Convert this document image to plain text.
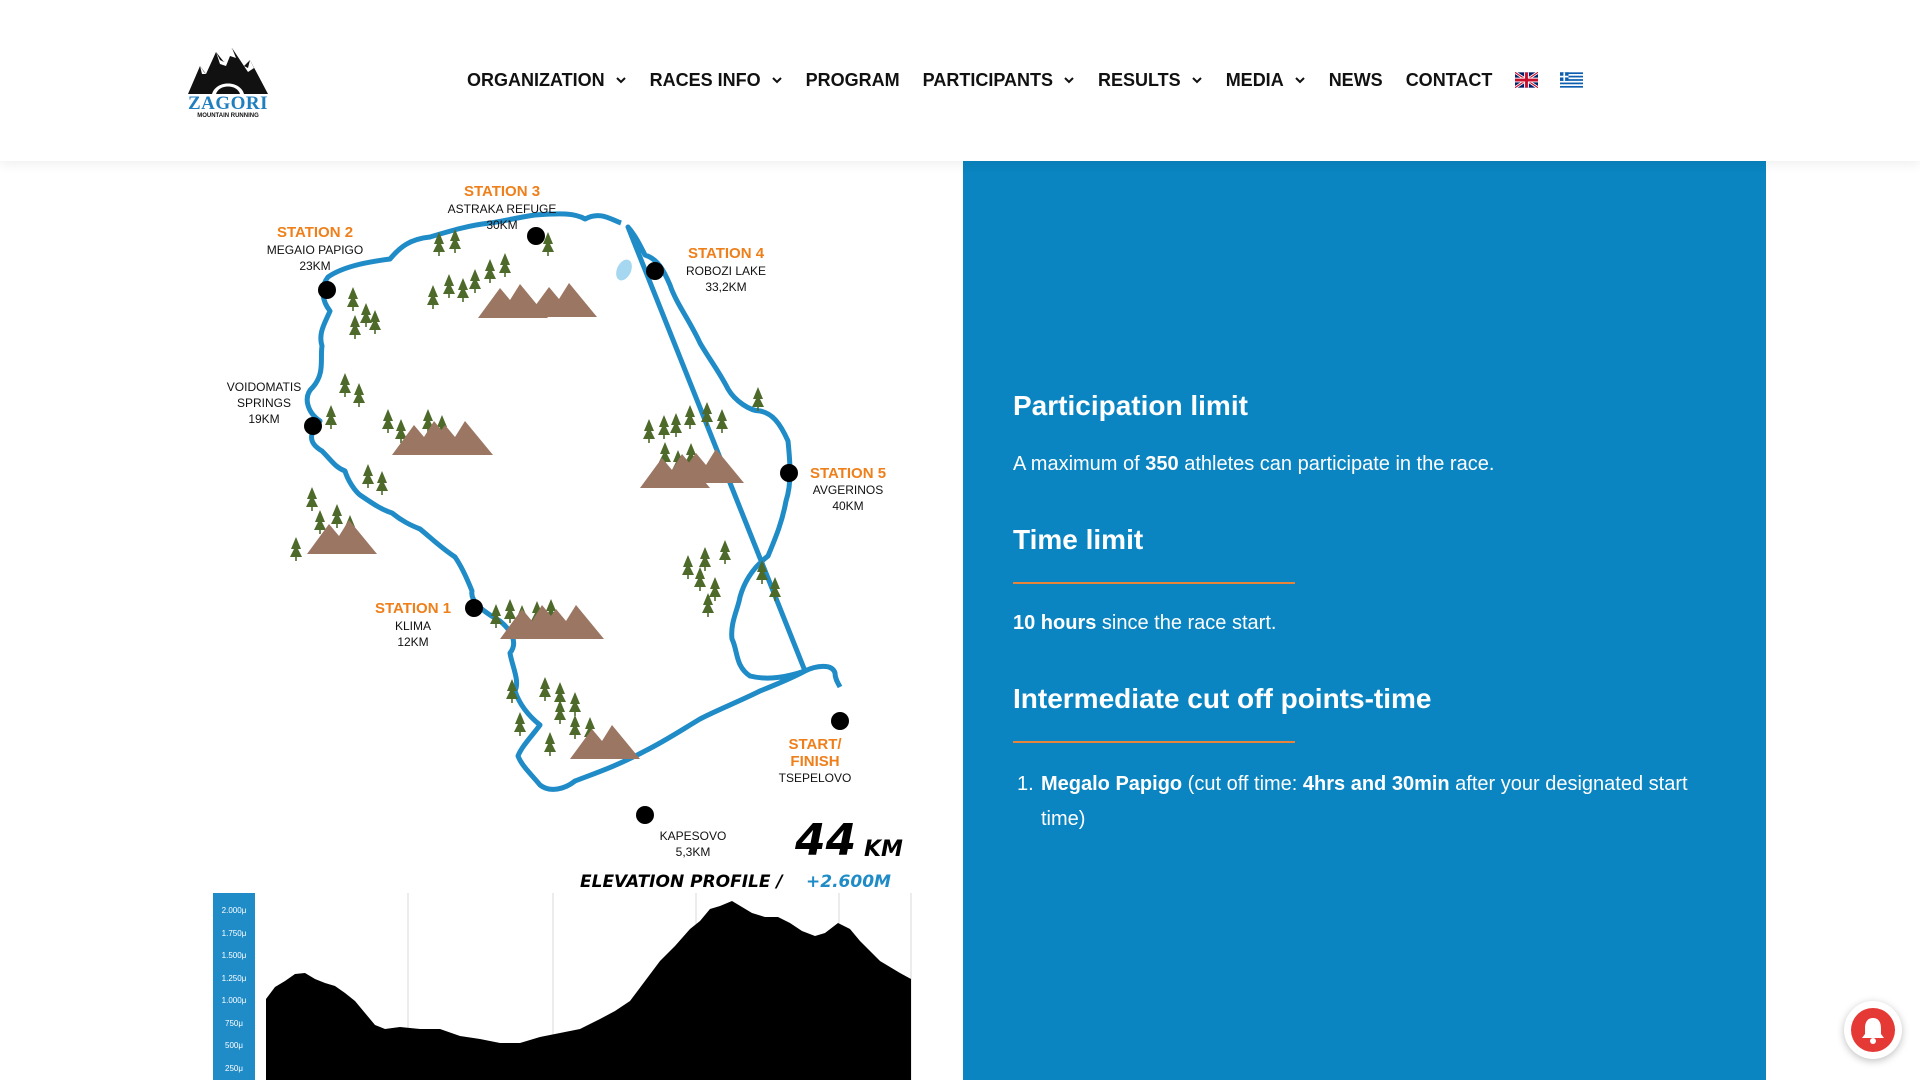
ZAGORI
MOUNTAIN RUNNING
ORGANIZATION	RACES INFO	PROGRAM PARTICIPANTS	RESULTS	MEDIA	NEWS CONTACT
STATION 3
ASTRAKA REFUGE
30KM
STATION 2
MEGAIO PAPIGO
23KM
STATION 4
ROBOZI LAKE
33,2KM
VOIDOMATIS
SPRINGS
19KM
STATION 5
AVGERINOS
40KM
STATION 1
KLIMA
12KM
START/
FINISH
TSEPELOVO
KAPESOVO
5,3KM 44 KM
ELEVATION PROFILE / +2.600M
2.000μ
1.750μ
1.500μ
1.250μ
1.000μ
750μ
500μ
250μ
Participation limit
A maximum of 350 athletes can participate in the race.
Time limit
10 hours since the race start.
Intermediate cut off points-time
1. Megalo Papigo (cut off time: 4hrs and 30min after your designated start time)
